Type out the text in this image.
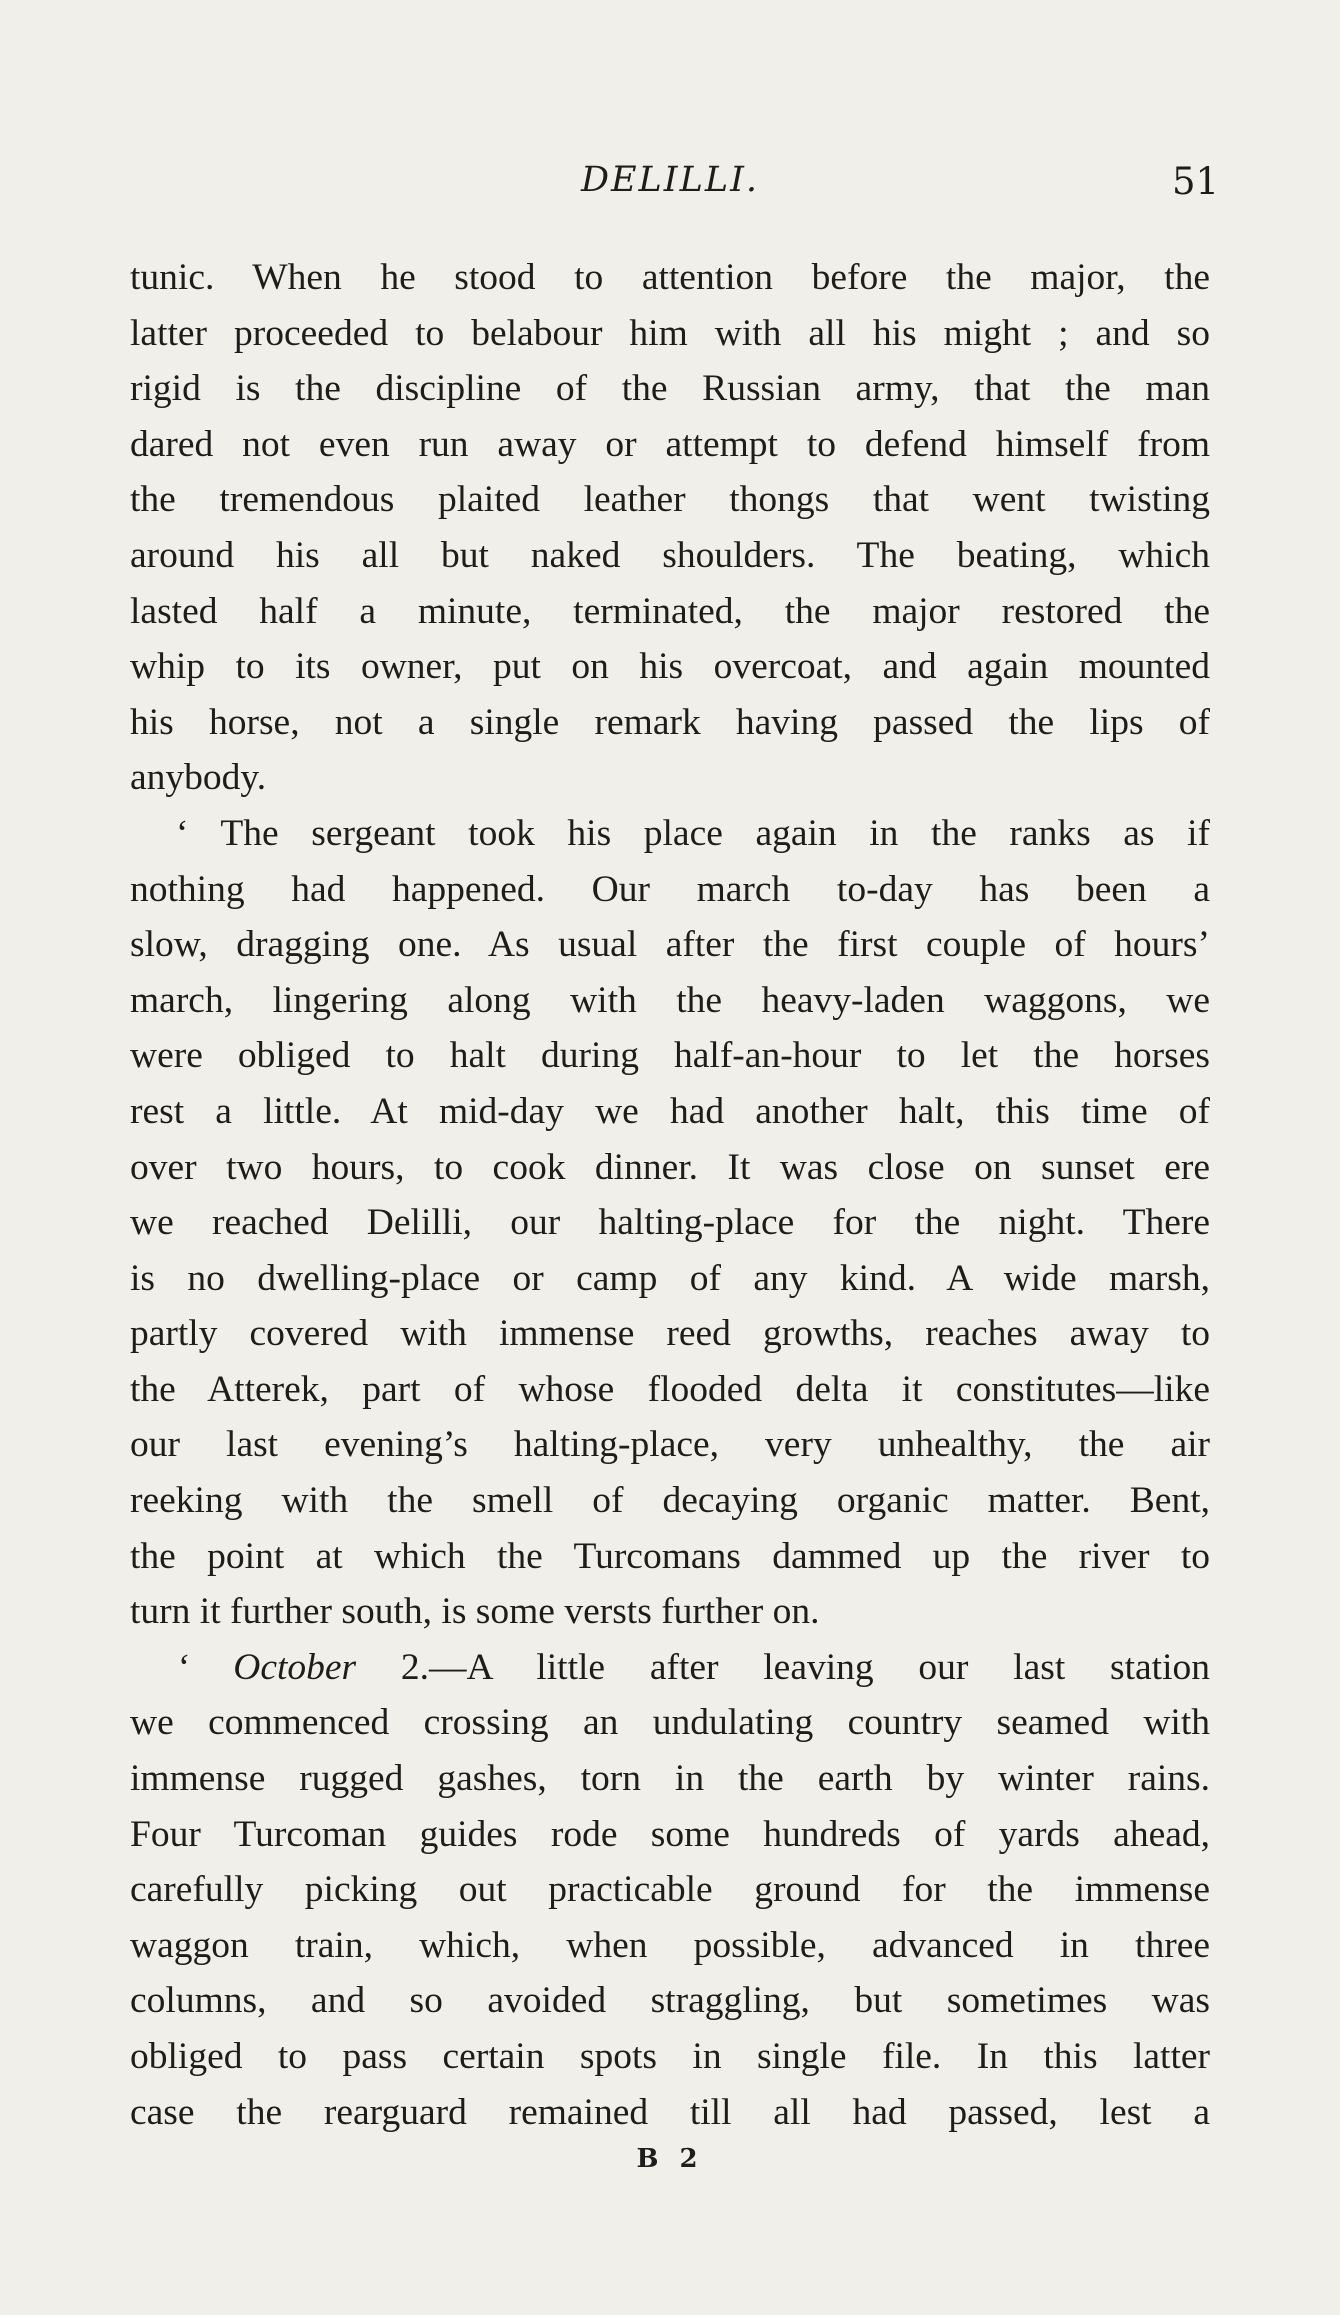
DELILLI.	51
tunic. When he stood to attention before the major, the
latter proceeded to belabour him with all his might ; and so
rigid is the discipline of the Russian army, that the man
dared not even run away or attempt to defend himself from
the tremendous plaited leather thongs that went twisting
around his all but naked shoulders. The beating, which
lasted half a minute, terminated, the major restored the
whip to its owner, put on his overcoat, and again mounted
his horse, not a single remark having passed the lips of
anybody.
‘ The sergeant took his place again in the ranks as if
nothing had happened. Our march to-day has been a
slow, dragging one. As usual after the first couple of hours’
march, lingering along with the heavy-laden waggons, we
were obliged to halt during half-an-hour to let the horses
rest a little. At mid-day we had another halt, this time of
over two hours, to cook dinner. It was close on sunset ere
we reached Delilli, our halting-place for the night. There
is no dwelling-place or camp of any kind. A wide marsh,
partly covered with immense reed growths, reaches away to
the Atterek, part of whose flooded delta it constitutes—like
our last evening’s halting-place, very unhealthy, the air
reeking with the smell of decaying organic matter. Bent,
the point at which the Turcomans dammed up the river to
turn it further south, is some versts further on.
‘ October 2.—A little after leaving our last station
we commenced crossing an undulating country seamed with
immense rugged gashes, torn in the earth by winter rains.
Four Turcoman guides rode some hundreds of yards ahead,
carefully picking out practicable ground for the immense
waggon train, which, when possible, advanced in three
columns, and so avoided straggling, but sometimes was
obliged to pass certain spots in single file. In this latter
case the rearguard remained till all had passed, lest a
B 2
